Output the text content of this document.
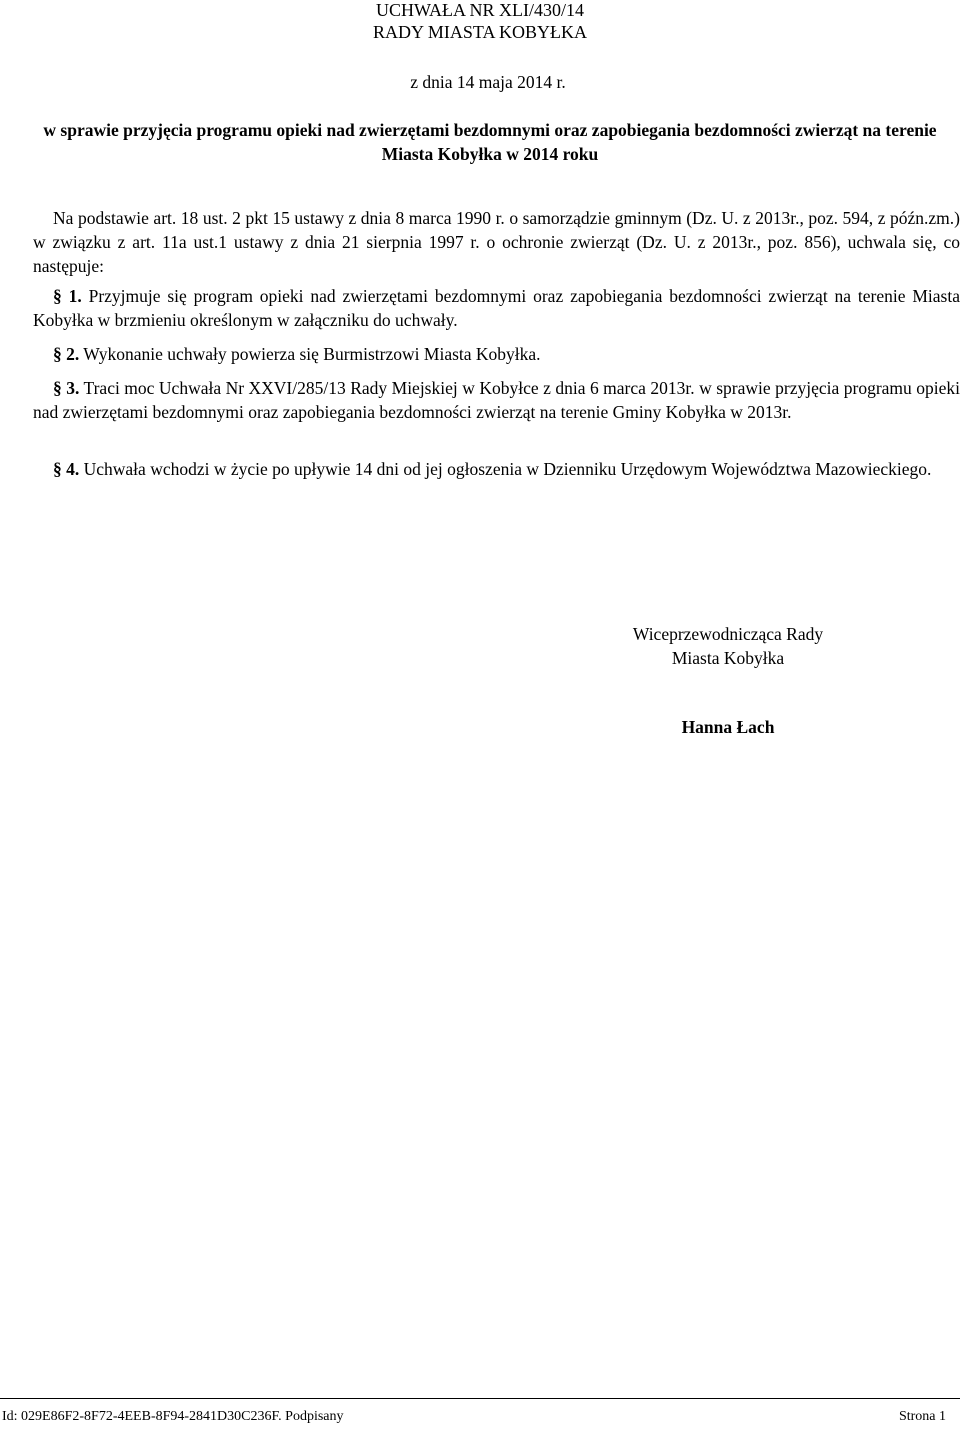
UCHWAŁA NR XLI/430/14
RADY MIASTA KOBYŁKA
z dnia 14 maja 2014 r.
w sprawie przyjęcia programu opieki nad zwierzętami bezdomnymi oraz zapobiegania bezdomności zwierząt na terenie Miasta Kobyłka w 2014 roku
Na podstawie art. 18 ust. 2 pkt 15 ustawy z dnia 8 marca 1990 r. o samorządzie gminnym (Dz. U. z 2013r., poz. 594, z późn.zm.) w związku z art. 11a ust.1 ustawy z dnia 21 sierpnia 1997 r. o ochronie zwierząt (Dz. U. z 2013r., poz. 856), uchwala się, co następuje:
§ 1. Przyjmuje się program opieki nad zwierzętami bezdomnymi oraz zapobiegania bezdomności zwierząt na terenie Miasta Kobyłka w brzmieniu określonym w załączniku do uchwały.
§ 2. Wykonanie uchwały powierza się Burmistrzowi Miasta Kobyłka.
§ 3. Traci moc Uchwała Nr XXVI/285/13 Rady Miejskiej w Kobyłce z dnia 6 marca 2013r. w sprawie przyjęcia programu opieki nad zwierzętami bezdomnymi oraz zapobiegania bezdomności zwierząt na terenie Gminy Kobyłka w 2013r.
§ 4. Uchwała wchodzi w życie po upływie 14 dni od jej ogłoszenia w Dzienniku Urzędowym Województwa Mazowieckiego.
Wiceprzewodnicząca Rady
Miasta Kobyłka
Hanna Łach
Id: 029E86F2-8F72-4EEB-8F94-2841D30C236F. Podpisany	Strona 1
